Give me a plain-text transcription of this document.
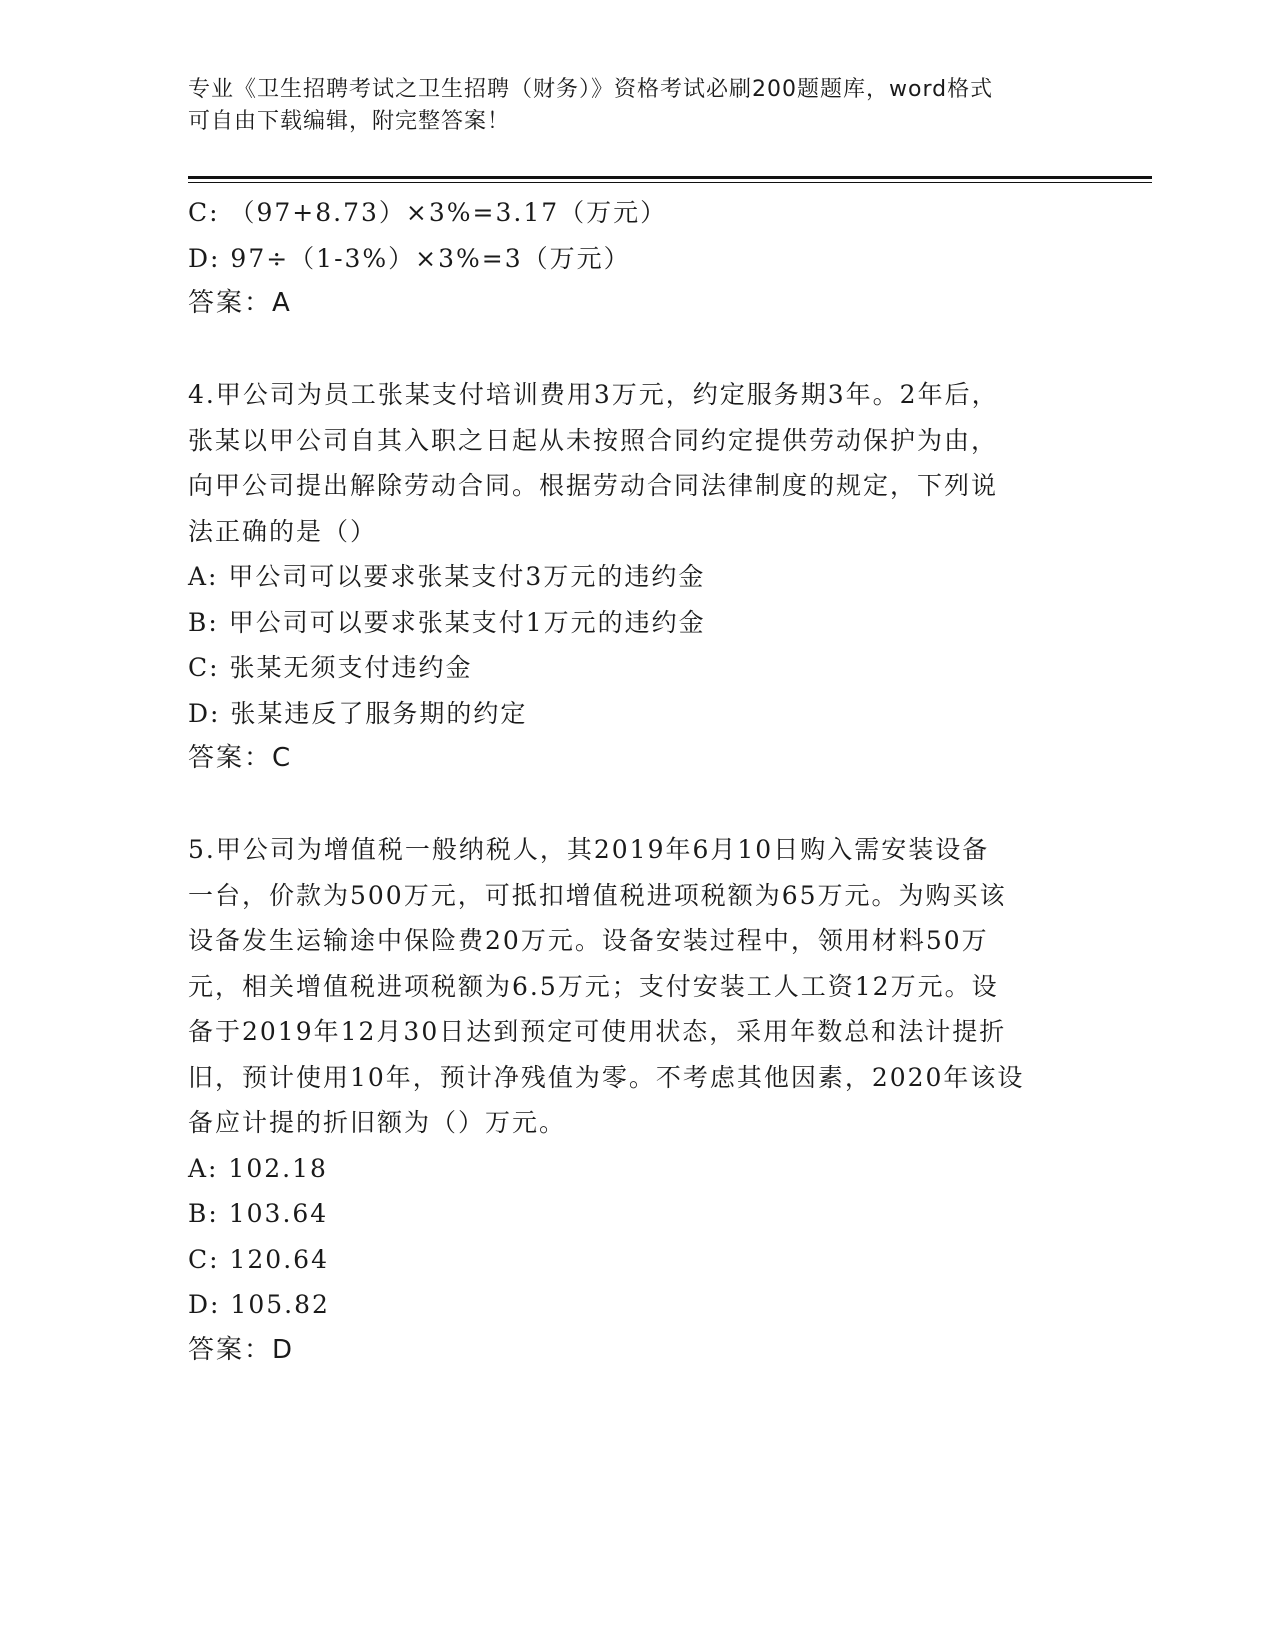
专业《卫生招聘考试之卫生招聘（财务）》资格考试必刷200题题库，word格式
可自由下载编辑，附完整答案！
C: （97+8.73）×3%=3.17（万元）
D: 97÷（1-3%）×3%=3（万元）
答案：A
4.甲公司为员工张某支付培训费用3万元，约定服务期3年。2年后，
张某以甲公司自其入职之日起从未按照合同约定提供劳动保护为由，
向甲公司提出解除劳动合同。根据劳动合同法律制度的规定，下列说
法正确的是（）
A: 甲公司可以要求张某支付3万元的违约金
B: 甲公司可以要求张某支付1万元的违约金
C: 张某无须支付违约金
D: 张某违反了服务期的约定
答案：C
5.甲公司为增值税一般纳税人，其2019年6月10日购入需安装设备
一台，价款为500万元，可抵扣增值税进项税额为65万元。为购买该
设备发生运输途中保险费20万元。设备安装过程中，领用材料50万
元，相关增值税进项税额为6.5万元；支付安装工人工资12万元。设
备于2019年12月30日达到预定可使用状态，采用年数总和法计提折
旧，预计使用10年，预计净残值为零。不考虑其他因素，2020年该设
备应计提的折旧额为（）万元。
A: 102.18
B: 103.64
C: 120.64
D: 105.82
答案：D
